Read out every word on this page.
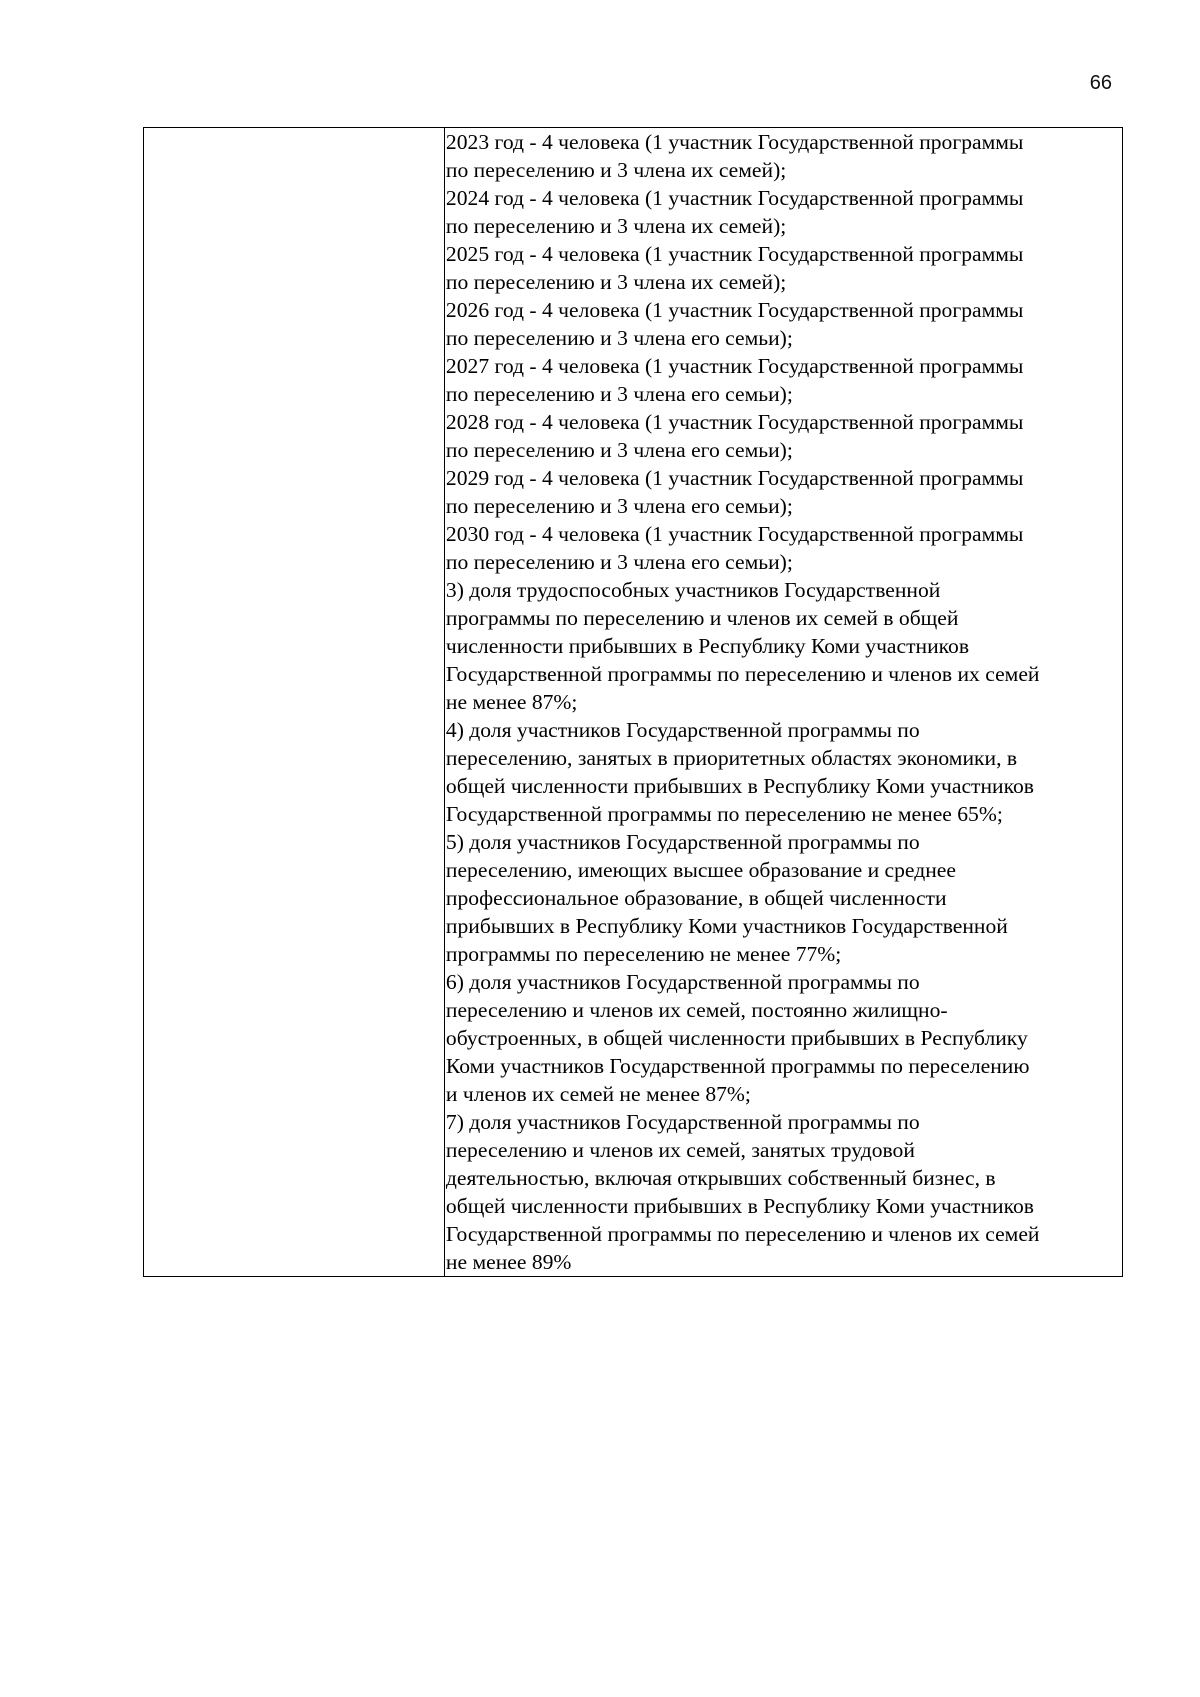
66

2023 год - 4 человека (1 участник Государственной программы
по переселению и 3 члена их семей);
2024 год - 4 человека (1 участник Государственной программы
по переселению и 3 члена их семей);
2025 год - 4 человека (1 участник Государственной программы
по переселению и 3 члена их семей);
2026 год - 4 человека (1 участник Государственной программы
по переселению и 3 члена его семьи);
2027 год - 4 человека (1 участник Государственной программы
по переселению и 3 члена его семьи);
2028 год - 4 человека (1 участник Государственной программы
по переселению и 3 члена его семьи);
2029 год - 4 человека (1 участник Государственной программы
по переселению и 3 члена его семьи);
2030 год - 4 человека (1 участник Государственной программы
по переселению и 3 члена его семьи);
3) доля трудоспособных участников Государственной
программы по переселению и членов их семей в общей
численности прибывших в Республику Коми участников
Государственной программы по переселению и членов их семей
не менее 87%;
4) доля участников Государственной программы по
переселению, занятых в приоритетных областях экономики, в
общей численности прибывших в Республику Коми участников
Государственной программы по переселению не менее 65%;
5) доля участников Государственной программы по
переселению, имеющих высшее образование и среднее
профессиональное образование, в общей численности
прибывших в Республику Коми участников Государственной
программы по переселению не менее 77%;
6) доля участников Государственной программы по
переселению и членов их семей, постоянно жилищно-
обустроенных, в общей численности прибывших в Республику
Коми участников Государственной программы по переселению
и членов их семей не менее 87%;
7) доля участников Государственной программы по
переселению и членов их семей, занятых трудовой
деятельностью, включая открывших собственный бизнес, в
общей численности прибывших в Республику Коми участников
Государственной программы по переселению и членов их семей
не менее 89%
